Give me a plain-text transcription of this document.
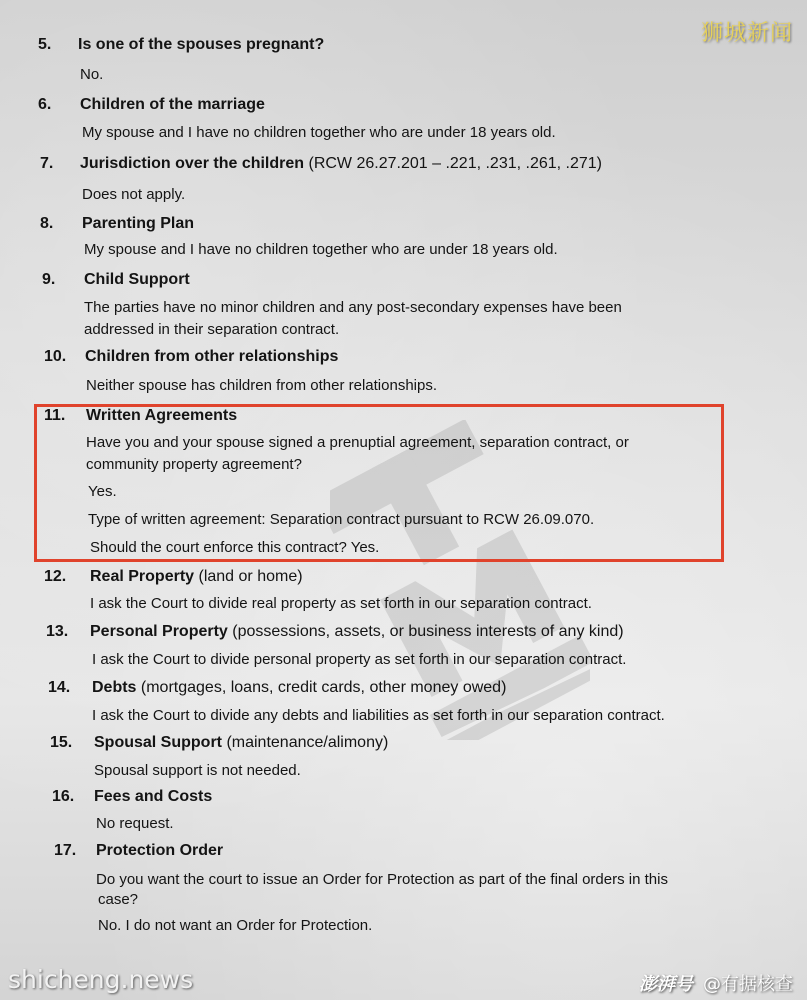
5. Is one of the spouses pregnant?
No.
6. Children of the marriage
My spouse and I have no children together who are under 18 years old.
7. Jurisdiction over the children (RCW 26.27.201 – .221, .231, .261, .271)
Does not apply.
8. Parenting Plan
My spouse and I have no children together who are under 18 years old.
9. Child Support
The parties have no minor children and any post-secondary expenses have been
addressed in their separation contract.
10. Children from other relationships
Neither spouse has children from other relationships.
11. Written Agreements
Have you and your spouse signed a prenuptial agreement, separation contract, or
community property agreement?
Yes.
Type of written agreement: Separation contract pursuant to RCW 26.09.070.
Should the court enforce this contract? Yes.
12. Real Property (land or home)
I ask the Court to divide real property as set forth in our separation contract.
13. Personal Property (possessions, assets, or business interests of any kind)
I ask the Court to divide personal property as set forth in our separation contract.
14. Debts (mortgages, loans, credit cards, other money owed)
I ask the Court to divide any debts and liabilities as set forth in our separation contract.
15. Spousal Support (maintenance/alimony)
Spousal support is not needed.
16. Fees and Costs
No request.
17. Protection Order
Do you want the court to issue an Order for Protection as part of the final orders in this
case?
No. I do not want an Order for Protection.
狮城新闻
shicheng.news	澎湃号 @有据核查
